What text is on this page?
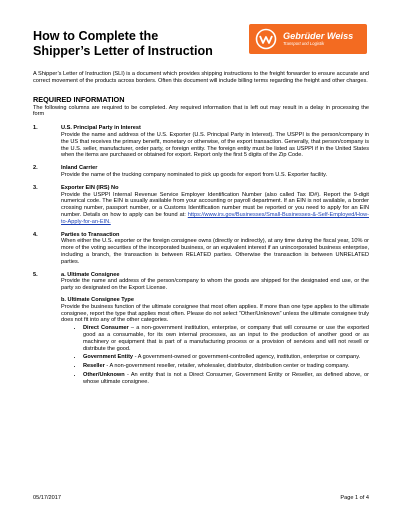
How to Complete the
Shipper’s Letter of Instruction
Gebrüder Weiss
Transport und Logistik

A Shipper’s Letter of Instruction (SLI) is a document which provides shipping instructions to the freight forwarder to ensure accurate and correct movement of the products across borders. Often this document will include billing terms regarding the freight and other charges.

REQUIRED INFORMATION

The following columns are required to be completed. Any required information that is left out may result in a delay in processing the form

1.	U.S. Principal Party in Interest
Provide the name and address of the U.S. Exporter (U.S. Principal Party in Interest). The USPPI is the person/company in the US that receives the primary benefit, monetary or otherwise, of the export transaction. Generally, that person/company is the U.S. seller, manufacturer, order party, or foreign entity. The foreign entity must be listed as USPPI if in the United States when the items are purchased or obtained for export. Report only the first 5 digits of the Zip Code.
2.	Inland Carrier
Provide the name of the trucking company nominated to pick up goods for export from U.S. Exporter facility.
3.	Exporter EIN (IRS) No
Provide the USPPI Internal Revenue Service Employer Identification Number (also called Tax ID#). Report the 9-digit numerical code. The EIN is usually available from your accounting or payroll department. If an EIN is not available, a border crossing number, passport number, or a Customs Identification number must be reported or you need to apply for an EIN number. Details on how to apply can be found at: https://www.irs.gov/Businesses/Small-Businesses-&-Self-Employed/How-to-Apply-for-an-EIN.
4.	Parties to Transaction
When either the U.S. exporter or the foreign consignee owns (directly or indirectly), at any time during the fiscal year, 10% or more of the voting securities of the incorporated business, or an equivalent interest if an unincorporated business enterprise, including a branch, the transaction is between RELATED parties. Otherwise the transaction is between UNRELATED parties.
5.	a. Ultimate Consignee
Provide the name and address of the person/company to whom the goods are shipped for the designated end use, or the party so designated on the Export License.
b. Ultimate Consignee Type
Provide the business function of the ultimate consignee that most often applies. If more than one type applies to the ultimate consignee, report the type that applies most often. Please do not select “Other/Unknown” unless the ultimate consignee truly does not fit into any of the other categories.
• Direct Consumer – a non-government institution, enterprise, or company that will consume or use the exported good as a consumable, for its own internal processes, as an input to the production of another good or as machinery or equipment that is part of a manufacturing process or a provision of services and will not resell or distribute the good.
• Government Entity - A government-owned or government-controlled agency, institution, enterprise or company.
• Reseller - A non-government reseller, retailer, wholesaler, distributor, distribution center or trading company.
• Other/Unknown - An entity that is not a Direct Consumer, Government Entity or Reseller, as defined above, or whose ultimate consignee.
05/17/2017	Page 1 of 4
